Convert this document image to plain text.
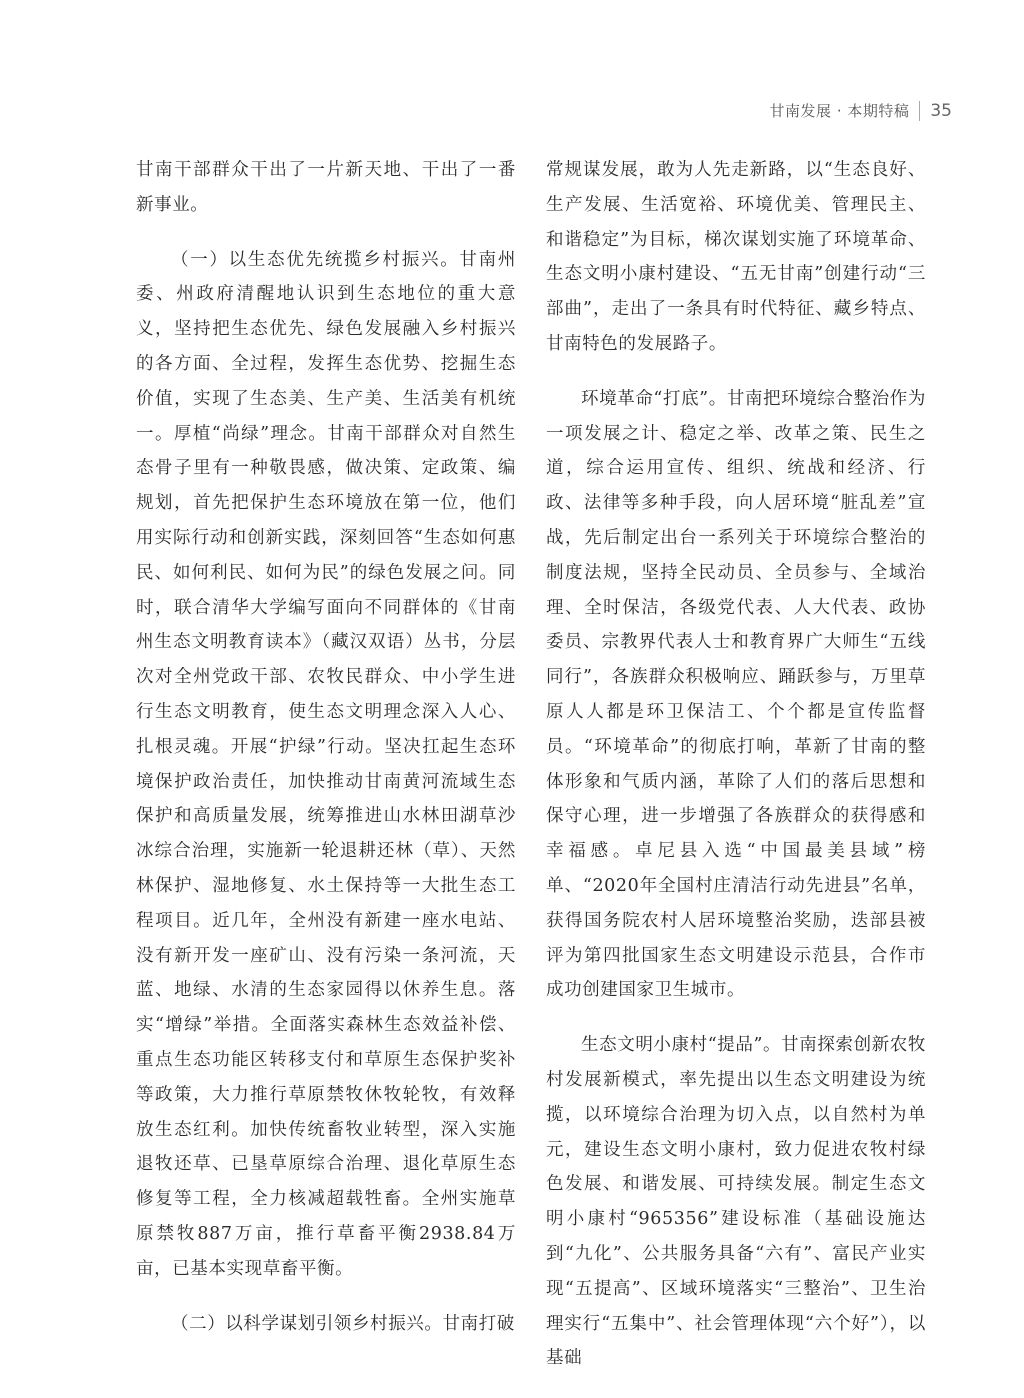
甘南发展 · 本期特稿 35

甘南干部群众干出了一片新天地、干出了一番新事业。

（一）以生态优先统揽乡村振兴。甘南州委、州政府清醒地认识到生态地位的重大意义，坚持把生态优先、绿色发展融入乡村振兴的各方面、全过程，发挥生态优势、挖掘生态价值，实现了生态美、生产美、生活美有机统一。厚植“尚绿”理念。甘南干部群众对自然生态骨子里有一种敬畏感，做决策、定政策、编规划，首先把保护生态环境放在第一位，他们用实际行动和创新实践，深刻回答“生态如何惠民、如何利民、如何为民”的绿色发展之问。同时，联合清华大学编写面向不同群体的《甘南州生态文明教育读本》（藏汉双语）丛书，分层次对全州党政干部、农牧民群众、中小学生进行生态文明教育，使生态文明理念深入人心、扎根灵魂。开展“护绿”行动。坚决扛起生态环境保护政治责任，加快推动甘南黄河流域生态保护和高质量发展，统筹推进山水林田湖草沙冰综合治理，实施新一轮退耕还林（草）、天然林保护、湿地修复、水土保持等一大批生态工程项目。近几年，全州没有新建一座水电站、没有新开发一座矿山、没有污染一条河流，天蓝、地绿、水清的生态家园得以休养生息。落实“增绿”举措。全面落实森林生态效益补偿、重点生态功能区转移支付和草原生态保护奖补等政策，大力推行草原禁牧休牧轮牧，有效释放生态红利。加快传统畜牧业转型，深入实施退牧还草、已垦草原综合治理、退化草原生态修复等工程，全力核减超载牲畜。全州实施草原禁牧887万亩，推行草畜平衡2938.84万亩，已基本实现草畜平衡。

（二）以科学谋划引领乡村振兴。甘南打破

常规谋发展，敢为人先走新路，以“生态良好、生产发展、生活宽裕、环境优美、管理民主、和谐稳定”为目标，梯次谋划实施了环境革命、生态文明小康村建设、“五无甘南”创建行动“三部曲”，走出了一条具有时代特征、藏乡特点、甘南特色的发展路子。

环境革命“打底”。甘南把环境综合整治作为一项发展之计、稳定之举、改革之策、民生之道，综合运用宣传、组织、统战和经济、行政、法律等多种手段，向人居环境“脏乱差”宣战，先后制定出台一系列关于环境综合整治的制度法规，坚持全民动员、全员参与、全域治理、全时保洁，各级党代表、人大代表、政协委员、宗教界代表人士和教育界广大师生“五线同行”，各族群众积极响应、踊跃参与，万里草原人人都是环卫保洁工、个个都是宣传监督员。“环境革命”的彻底打响，革新了甘南的整体形象和气质内涵，革除了人们的落后思想和保守心理，进一步增强了各族群众的获得感和幸福感。卓尼县入选“中国最美县域”榜单、“2020年全国村庄清洁行动先进县”名单，获得国务院农村人居环境整治奖励，迭部县被评为第四批国家生态文明建设示范县，合作市成功创建国家卫生城市。

生态文明小康村“提品”。甘南探索创新农牧村发展新模式，率先提出以生态文明建设为统揽，以环境综合治理为切入点，以自然村为单元，建设生态文明小康村，致力促进农牧村绿色发展、和谐发展、可持续发展。制定生态文明小康村“965356”建设标准（基础设施达到“九化”、公共服务具备“六有”、富民产业实现“五提高”、区域环境落实“三整治”、卫生治理实行“五集中”、社会管理体现“六个好”），以基础
